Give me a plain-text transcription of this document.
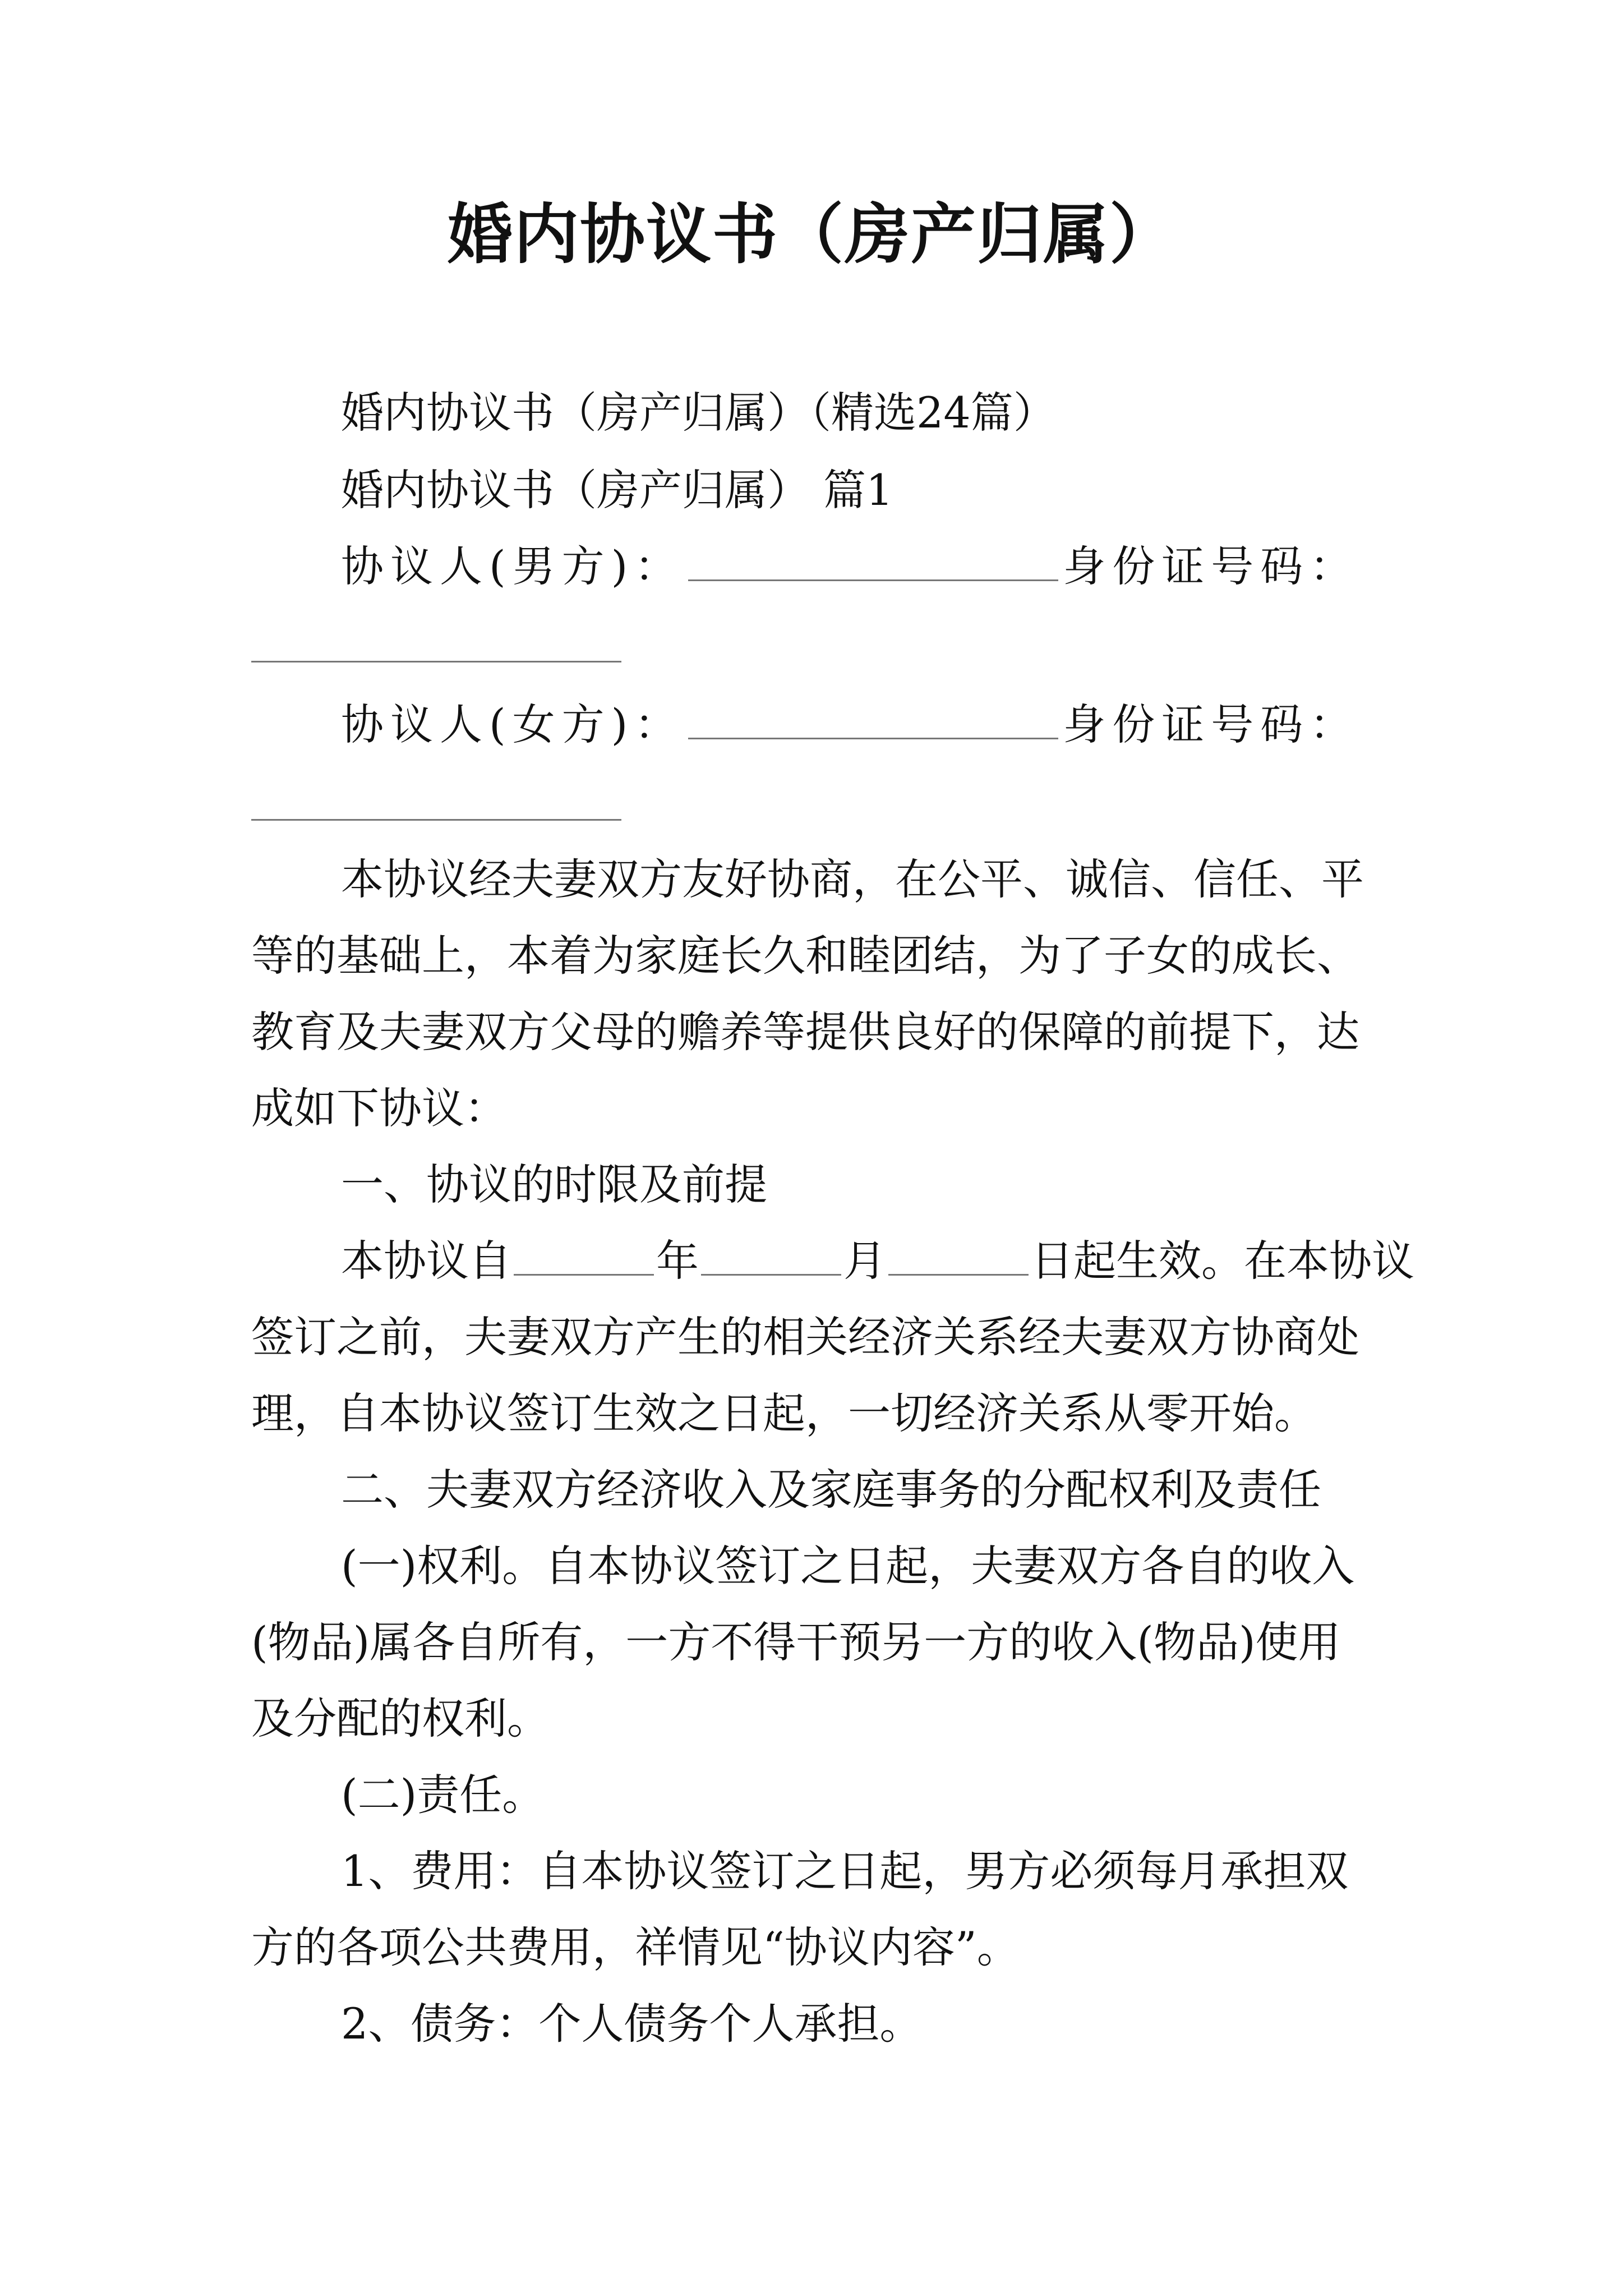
婚内协议书（房产归属）
婚内协议书（房产归属）（精选24篇）
婚内协议书（房产归属） 篇1
协议人(男方)：	身份证号码：
协议人(女方)：	身份证号码：
本协议经夫妻双方友好协商，在公平、诚信、信任、平
等的基础上，本着为家庭长久和睦团结，为了子女的成长、
教育及夫妻双方父母的赡养等提供良好的保障的前提下，达
成如下协议：
一、协议的时限及前提
本协议自	年	月	日起生效。在本协议
签订之前，夫妻双方产生的相关经济关系经夫妻双方协商处
理，自本协议签订生效之日起，一切经济关系从零开始。
二、夫妻双方经济收入及家庭事务的分配权利及责任
(一)权利。自本协议签订之日起，夫妻双方各自的收入
(物品)属各自所有，一方不得干预另一方的收入(物品)使用
及分配的权利。
(二)责任。
1、费用：自本协议签订之日起，男方必须每月承担双
方的各项公共费用，祥情见“协议内容”。
2、债务：个人债务个人承担。
